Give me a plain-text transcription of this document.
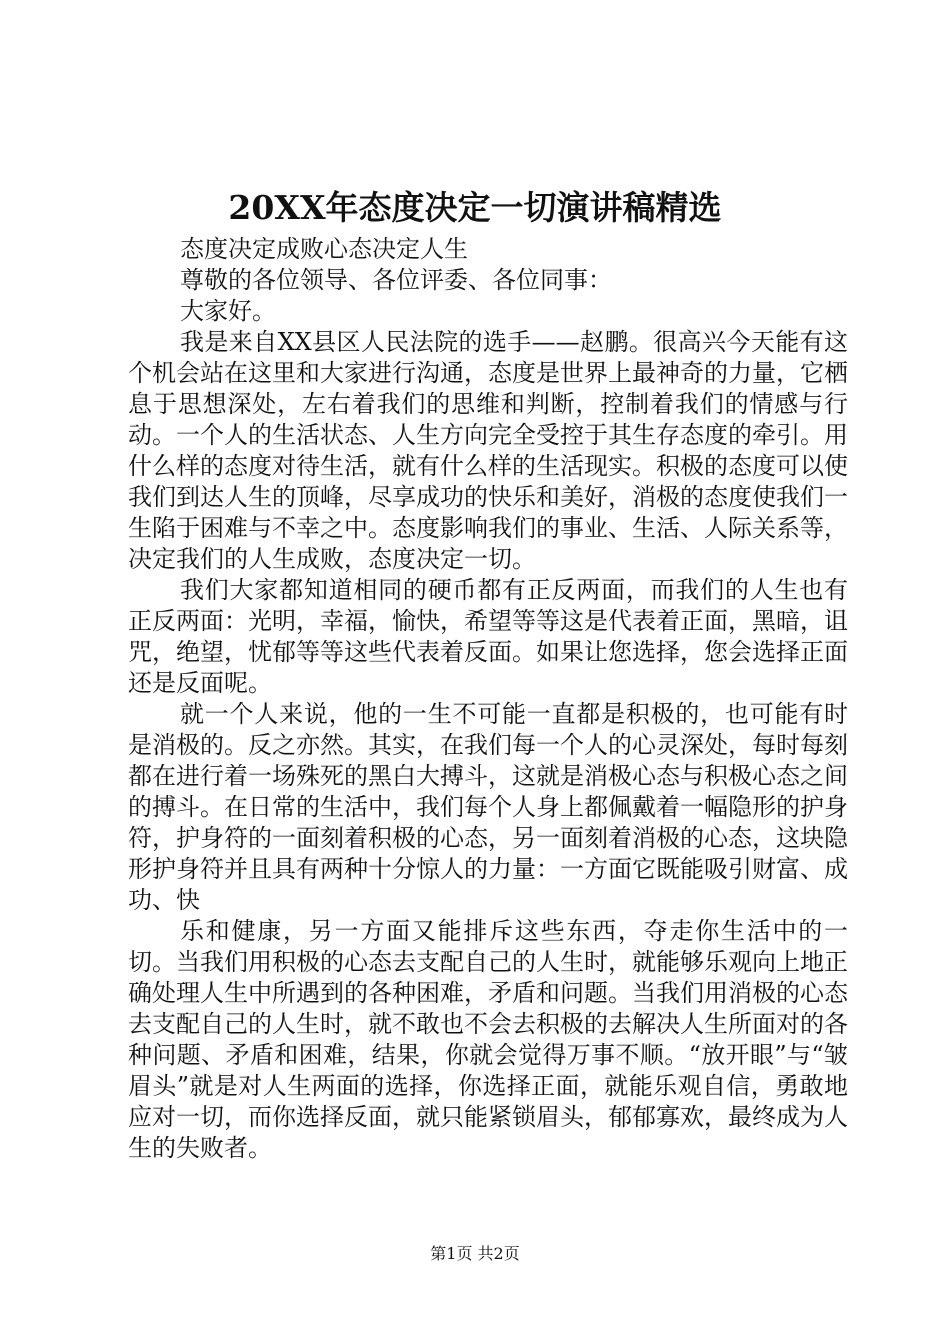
20XX年态度决定一切演讲稿精选

态度决定成败心态决定人生

尊敬的各位领导、各位评委、各位同事：

大家好。

我是来自XX县区人民法院的选手——赵鹏。很高兴今天能有这个机会站在这里和大家进行沟通，态度是世界上最神奇的力量，它栖息于思想深处，左右着我们的思维和判断，控制着我们的情感与行动。一个人的生活状态、人生方向完全受控于其生存态度的牵引。用什么样的态度对待生活，就有什么样的生活现实。积极的态度可以使我们到达人生的顶峰，尽享成功的快乐和美好，消极的态度使我们一生陷于困难与不幸之中。态度影响我们的事业、生活、人际关系等，决定我们的人生成败，态度决定一切。

我们大家都知道相同的硬币都有正反两面，而我们的人生也有正反两面：光明，幸福，愉快，希望等等这是代表着正面，黑暗，诅咒，绝望，忧郁等等这些代表着反面。如果让您选择，您会选择正面还是反面呢。

就一个人来说，他的一生不可能一直都是积极的，也可能有时是消极的。反之亦然。其实，在我们每一个人的心灵深处，每时每刻都在进行着一场殊死的黑白大搏斗，这就是消极心态与积极心态之间的搏斗。在日常的生活中，我们每个人身上都佩戴着一幅隐形的护身符，护身符的一面刻着积极的心态，另一面刻着消极的心态，这块隐形护身符并且具有两种十分惊人的力量：一方面它既能吸引财富、成功、快

乐和健康，另一方面又能排斥这些东西，夺走你生活中的一切。当我们用积极的心态去支配自己的人生时，就能够乐观向上地正确处理人生中所遇到的各种困难，矛盾和问题。当我们用消极的心态去支配自己的人生时，就不敢也不会去积极的去解决人生所面对的各种问题、矛盾和困难，结果，你就会觉得万事不顺。“放开眼”与“皱眉头”就是对人生两面的选择，你选择正面，就能乐观自信，勇敢地应对一切，而你选择反面，就只能紧锁眉头，郁郁寡欢，最终成为人生的失败者。

第1页 共2页
